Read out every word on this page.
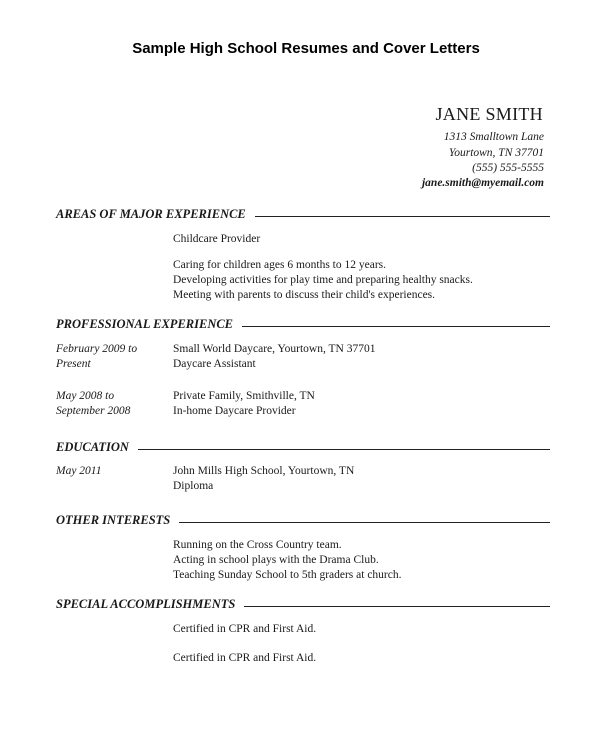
Sample High School Resumes and Cover Letters
JANE SMITH
1313 Smalltown Lane
Yourtown, TN 37701
(555) 555-5555
jane.smith@myemail.com
AREAS OF MAJOR EXPERIENCE
Childcare Provider
Caring for children ages 6 months to 12 years.
Developing activities for play time and preparing healthy snacks.
Meeting with parents to discuss their child's experiences.
PROFESSIONAL EXPERIENCE
February 2009 to
Present
Small World Daycare, Yourtown, TN 37701
Daycare Assistant
May 2008 to
September 2008
Private Family, Smithville, TN
In-home Daycare Provider
EDUCATION
May 2011	John Mills High School, Yourtown, TN
Diploma
OTHER INTERESTS
Running on the Cross Country team.
Acting in school plays with the Drama Club.
Teaching Sunday School to 5th graders at church.
SPECIAL ACCOMPLISHMENTS
Certified in CPR and First Aid.
Certified in CPR and First Aid.
